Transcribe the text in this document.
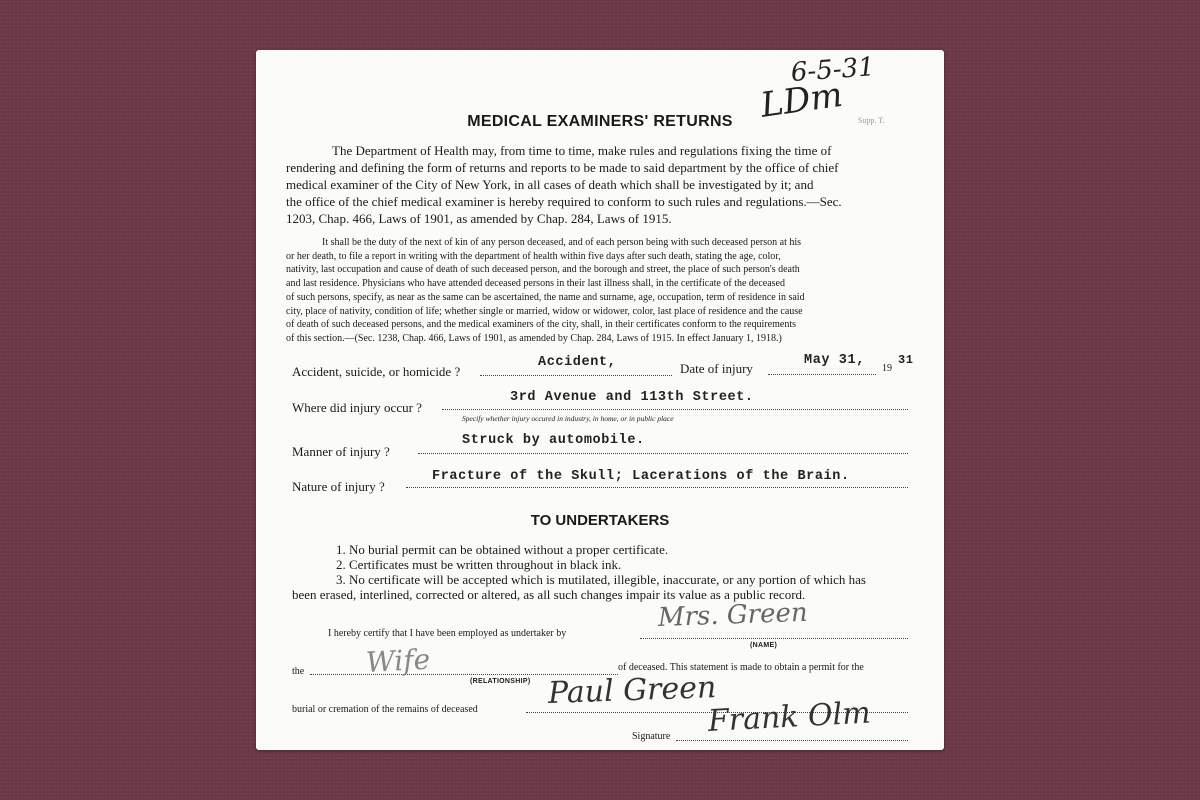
6-5-31
LDm Supp. T.
MEDICAL EXAMINERS' RETURNS
The Department of Health may, from time to time, make rules and regulations fixing the time of
rendering and defining the form of returns and reports to be made to said department by the office of chief
medical examiner of the City of New York, in all cases of death which shall be investigated by it; and
the office of the chief medical examiner is hereby required to conform to such rules and regulations.—Sec.
1203, Chap. 466, Laws of 1901, as amended by Chap. 284, Laws of 1915.
It shall be the duty of the next of kin of any person deceased, and of each person being with such deceased person at his
or her death, to file a report in writing with the department of health within five days after such death, stating the age, color,
nativity, last occupation and cause of death of such deceased person, and the borough and street, the place of such person's death
and last residence. Physicians who have attended deceased persons in their last illness shall, in the certificate of the deceased
of such persons, specify, as near as the same can be ascertained, the name and surname, age, occupation, term of residence in said
city, place of nativity, condition of life; whether single or married, widow or widower, color, last place of residence and the cause
of death of such deceased persons, and the medical examiners of the city, shall, in their certificates conform to the requirements
of this section.—(Sec. 1238, Chap. 466, Laws of 1901, as amended by Chap. 284, Laws of 1915. In effect January 1, 1918.)
Accident, suicide, or homicide ?
Accident,	Date of injury
May 31,
19
31
Where did injury occur ?
3rd Avenue and 113th Street.
Specify whether injury occured in industry, in home, or in public place
Manner of injury ?
Struck by automobile.
Nature of injury ?
Fracture of the Skull; Lacerations of the Brain.
TO UNDERTAKERS
1. No burial permit can be obtained without a proper certificate.
2. Certificates must be written throughout in black ink.
3. No certificate will be accepted which is mutilated, illegible, inaccurate, or any portion of which has
been erased, interlined, corrected or altered, as all such changes impair its value as a public record.
I hereby certify that I have been employed as undertaker by
Mrs. Green
(NAME)
the Wife
(RELATIONSHIP)
of deceased. This statement is made to obtain a permit for the
burial or cremation of the remains of deceased Paul Green
Signature Frank Olm
